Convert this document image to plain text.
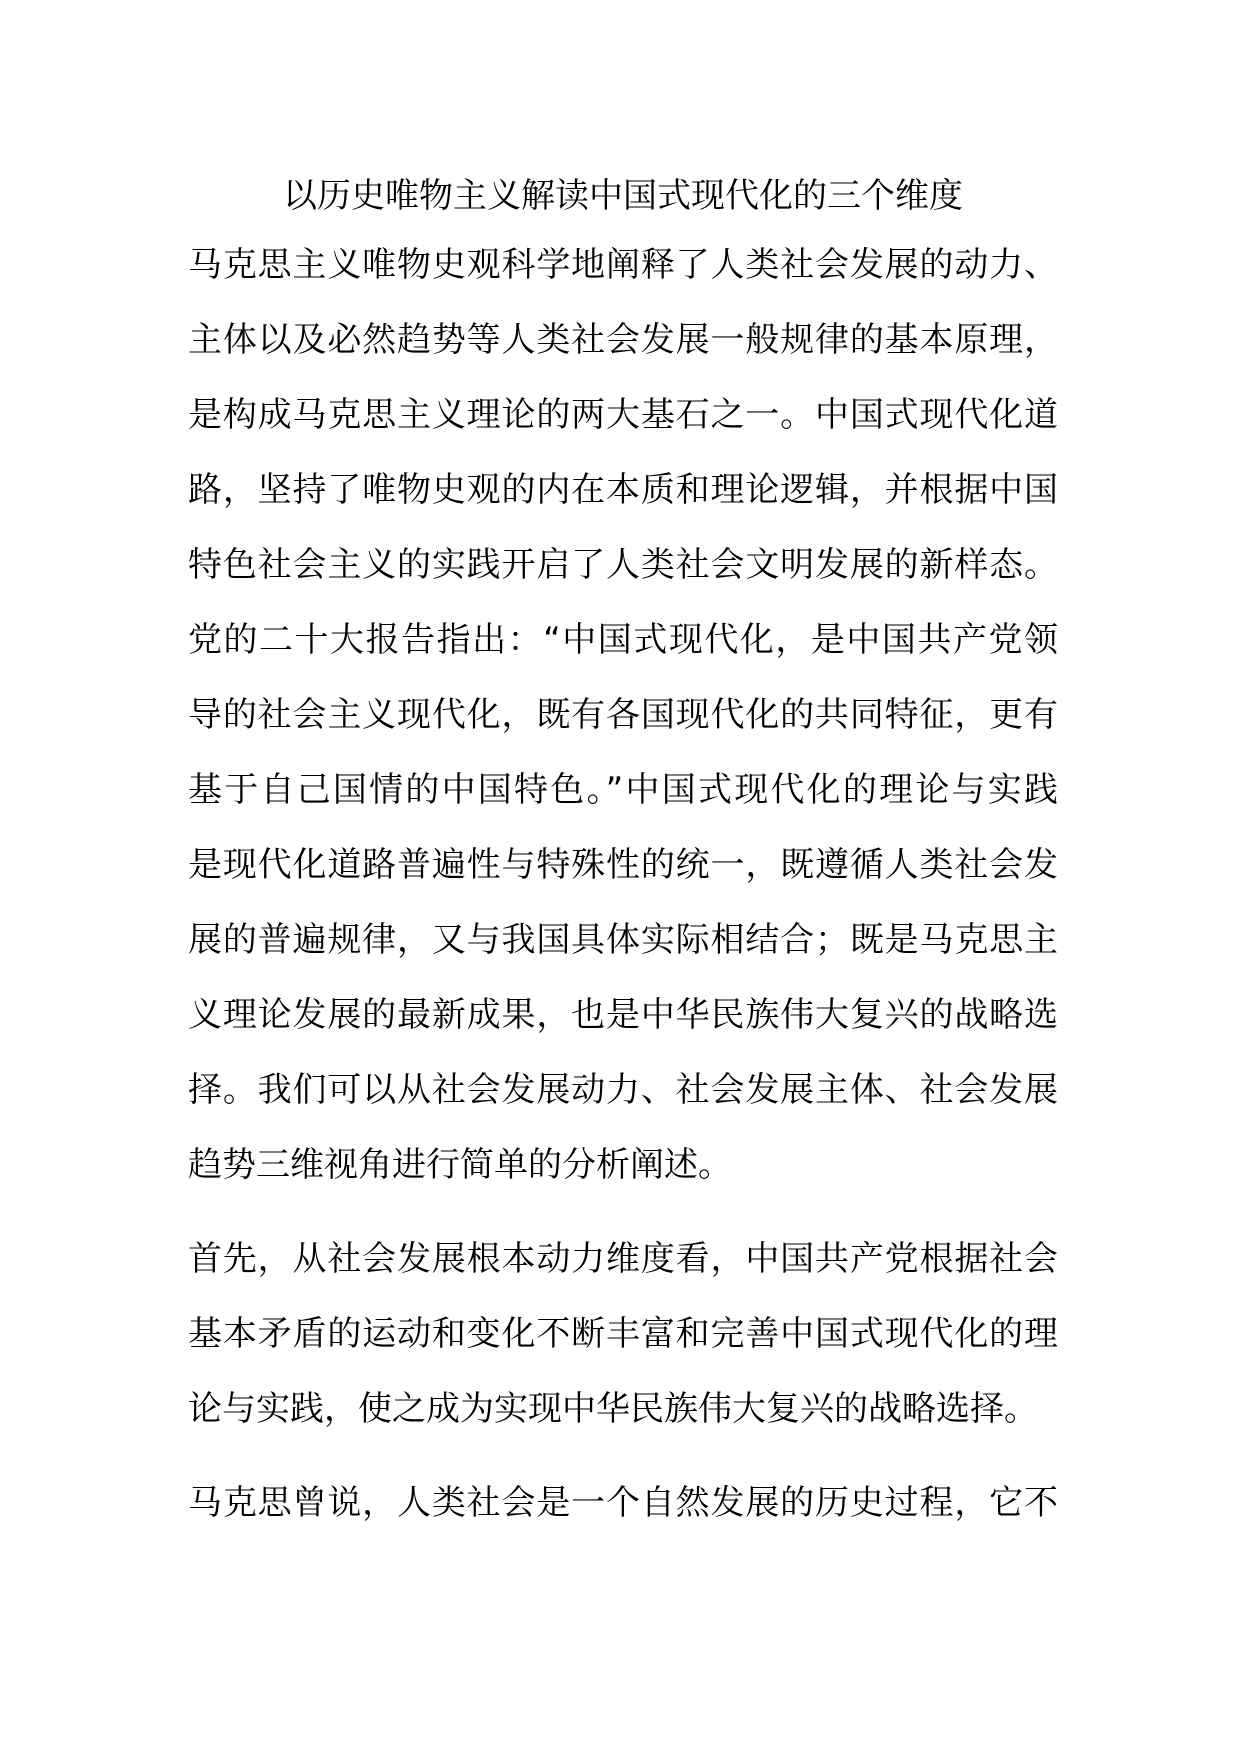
以历史唯物主义解读中国式现代化的三个维度
马克思主义唯物史观科学地阐释了人类社会发展的动力、
主体以及必然趋势等人类社会发展一般规律的基本原理，
是构成马克思主义理论的两大基石之一。中国式现代化道
路，坚持了唯物史观的内在本质和理论逻辑，并根据中国
特色社会主义的实践开启了人类社会文明发展的新样态。
党的二十大报告指出：“中国式现代化，是中国共产党领
导的社会主义现代化，既有各国现代化的共同特征，更有
基于自己国情的中国特色。”中国式现代化的理论与实践
是现代化道路普遍性与特殊性的统一，既遵循人类社会发
展的普遍规律，又与我国具体实际相结合；既是马克思主
义理论发展的最新成果，也是中华民族伟大复兴的战略选
择。我们可以从社会发展动力、社会发展主体、社会发展
趋势三维视角进行简单的分析阐述。
首先，从社会发展根本动力维度看，中国共产党根据社会
基本矛盾的运动和变化不断丰富和完善中国式现代化的理
论与实践，使之成为实现中华民族伟大复兴的战略选择。
马克思曾说，人类社会是一个自然发展的历史过程，它不
